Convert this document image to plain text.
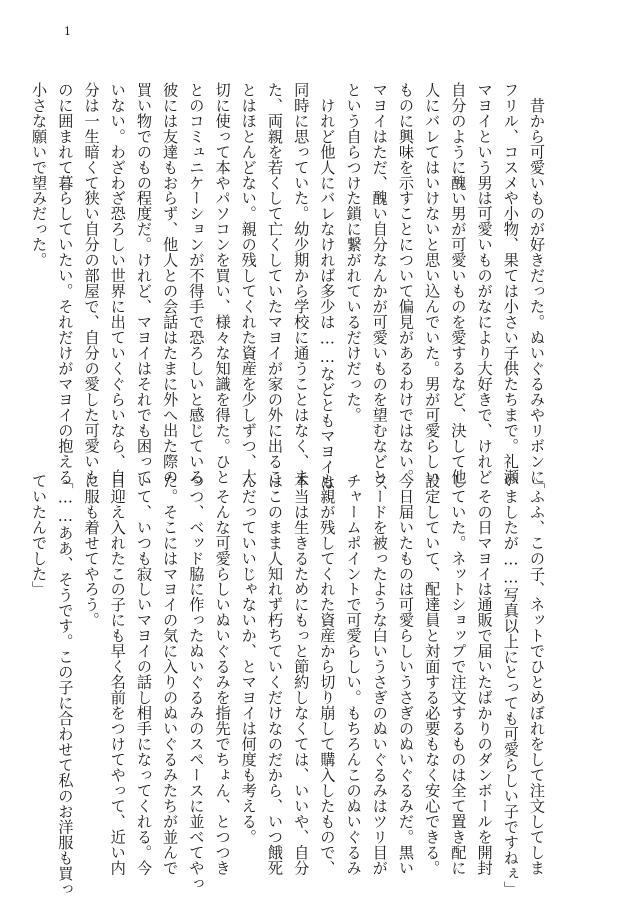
1
　昔から可愛いものが好きだった。ぬいぐるみやリボンに
フリル、コスメや小物、果ては小さい子供たちまで。礼瀬
マヨイという男は可愛いものがなにより大好きで、けれど
自分のように醜い男が可愛いものを愛するなど、決して他
人にバレてはいけないと思い込んでいた。男が可愛らしい
ものに興味を示すことについて偏見があるわけではない。
マヨイはただ、醜い自分なんかが可愛いものを望むなどと、
という自らつけた鎖に繋がれているだけだった。
　けれど他人にバレなければ多少は……などともマヨイは
同時に思っていた。幼少期から学校に通うことはなく、ま
た、両親を若くして亡くしていたマヨイが家の外に出るこ
とはほとんどない。親の残してくれた資産を少しずつ、大
切に使って本やパソコンを買い、様々な知識を得た。ひと
とのコミュニケーションが不得手で恐ろしいと感じている
彼には友達もおらず、他人との会話はたまに外へ出た際の
買い物でのもの程度だ。けれど、マヨイはそれでも困って
いない。わざわざ恐ろしい世界に出ていくぐらいなら、自
分は一生暗くて狭い自分の部屋で、自分の愛した可愛いも
のに囲まれて暮らしていたい。それだけがマヨイの抱える
小さな願いで望みだった。
「ふふ、この子、ネットでひとめぼれをして注文してしま
いましたが……写真以上にとっても可愛らしい子ですねぇ」
　その日マヨイは通販で届いたばかりのダンボールを開封
していた。ネットショップで注文するものは全て置き配に
設定していて、配達員と対面する必要もなく安心できる。
今日届いたものは可愛らしいうさぎのぬいぐるみだ。黒い
フードを被ったような白いうさぎのぬいぐるみはツリ目が
チャームポイントで可愛らしい。もちろんこのぬいぐるみ
も親が残してくれた資産から切り崩して購入したもので、
本当は生きるためにもっと節約しなくては、いいや、自分
はこのまま人知れず朽ちていくだけなのだから、いつ餓死
んだっていいじゃないか、とマヨイは何度も考える。
　そんな可愛らしいぬいぐるみを指先でちょん、とつつき
つつ、ベッド脇に作ったぬいぐるみのスペースに並べてやっ
た。そこにはマヨイの気に入りのぬいぐるみたちが並んで
いて、いつも寂しいマヨイの話し相手になってくれる。今
日迎え入れたこの子にも早く名前をつけてやって、近い内
に服も着せてやろう。
「……ああ、そうです。この子に合わせて私のお洋服も買っ
ていたんでした」
